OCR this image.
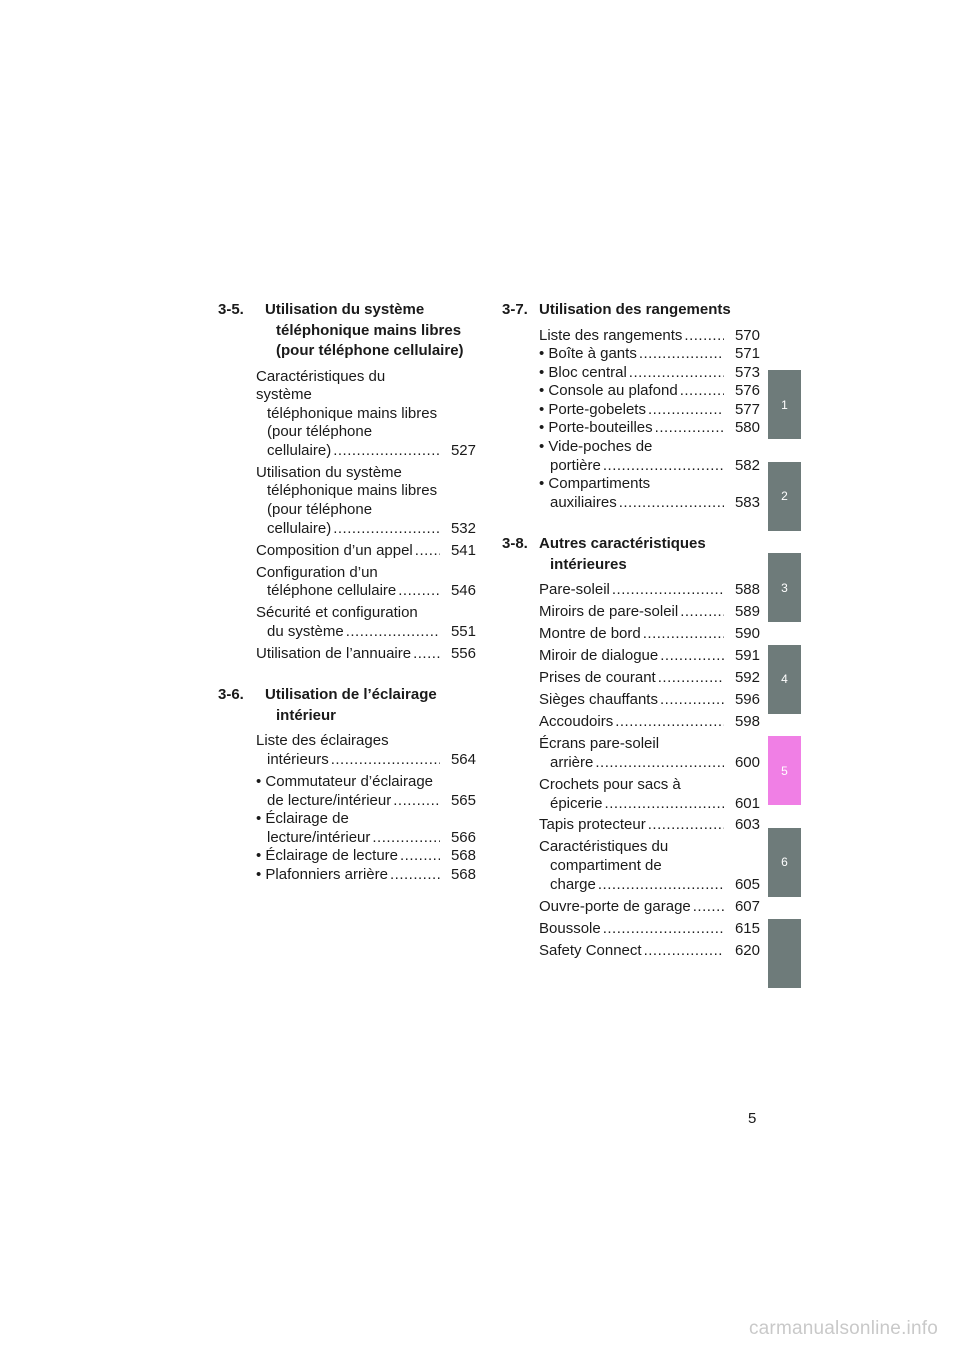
3-5. Utilisation du système
téléphonique mains libres
(pour téléphone cellulaire)
Caractéristiques du système
téléphonique mains libres
(pour téléphone
cellulaire) .....	527
Utilisation du système
téléphonique mains libres
(pour téléphone
cellulaire) .....	532
Composition d’un appel .....	541
Configuration d’un
téléphone cellulaire .....	546
Sécurité et configuration
du système .....	551
Utilisation de l’annuaire .....	556
3-6. Utilisation de l’éclairage
intérieur
Liste des éclairages
intérieurs .....	564
• Commutateur d’éclairage
de lecture/intérieur .....	565
• Éclairage de
lecture/intérieur .....	566
• Éclairage de lecture .....	568
• Plafonniers arrière .....	568
3-7. Utilisation des rangements
Liste des rangements .....	570
• Boîte à gants .....	571
• Bloc central .....	573
• Console au plafond .....	576
• Porte-gobelets .....	577
• Porte-bouteilles .....	580
• Vide-poches de
portière .....	582
• Compartiments
auxiliaires .....	583
3-8. Autres caractéristiques
intérieures
Pare-soleil .....	588
Miroirs de pare-soleil .....	589
Montre de bord .....	590
Miroir de dialogue .....	591
Prises de courant .....	592
Sièges chauffants .....	596
Accoudoirs .....	598
Écrans pare-soleil
arrière .....	600
Crochets pour sacs à
épicerie .....	601
Tapis protecteur .....	603
Caractéristiques du
compartiment de
charge .....	605
Ouvre-porte de garage .....	607
Boussole .....	615
Safety Connect .....	620
1
2
3
4
5
6
5
carmanualsonline.info
